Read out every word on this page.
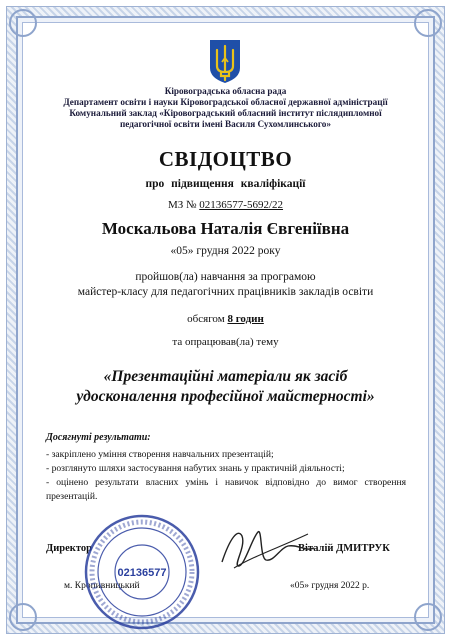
Кіровоградська обласна рада
Департамент освіти і науки Кіровоградської обласної державної адміністрації
Комунальний заклад «Кіровоградський обласний інститут післядипломної
педагогічної освіти імені Василя Сухомлинського»
СВІДОЦТВО
про підвищення кваліфікації
МЗ № 02136577-5692/22
Москальова Наталія Євгеніївна
«05» грудня 2022 року
пройшов(ла) навчання за програмою
майстер-класу для педагогічних працівників закладів освіти
обсягом 8 годин
та опрацював(ла) тему
«Презентаційні матеріали як засіб
удосконалення професійної майстерності»
Досягнуті результати:
- закріплено уміння створення навчальних презентацій;
- розглянуто шляхи застосування набутих знань у практичній діяльності;
- оцінено результати власних умінь і навичок відповідно до вимог створення презентацій.
Директор	Віталій ДМИТРУК
м. Кропивницький	«05» грудня 2022 р.
02136577
